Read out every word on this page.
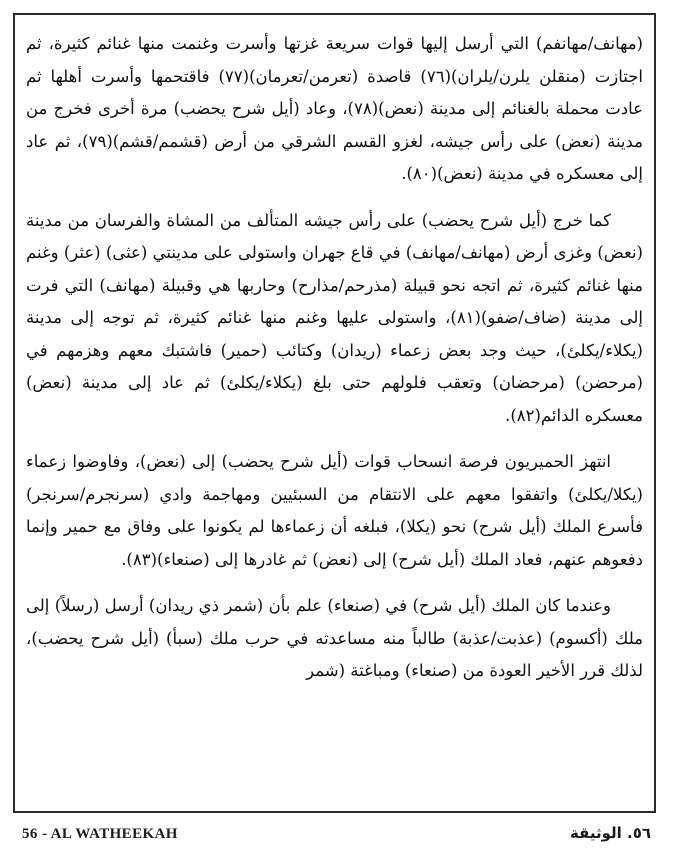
(مهانف/مهانفم) التي أرسل إليها قوات سريعة غزتها وأسرت وغنمت منها غنائم كثيرة، ثم اجتازت (منقلن يلرن/يلران)(٧٦) قاصدة (تعرمن/تعرمان)(٧٧) فاقتحمها وأسرت أهلها ثم عادت محملة بالغنائم إلى مدينة (نعض)(٧٨)، وعاد (أيل شرح يحضب) مرة أخرى فخرج من مدينة (نعض) على رأس جيشه، لغزو القسم الشرقي من أرض (قشمم/قشم)(٧٩)، ثم عاد إلى معسكره في مدينة (نعض)(٨٠).

كما خرج (أيل شرح يحضب) على رأس جيشه المتألف من المشاة والفرسان من مدينة (نعض) وغزى أرض (مهانف/مهانف) في قاع جهران واستولى على مدينتي (عثى) (عثر) وغنم منها غنائم كثيرة، ثم اتجه نحو قبيلة (مذرحم/مذارح) وحاربها هي وقبيلة (مهانف) التي فرت إلى مدينة (ضاف/ضفو)(٨١)، واستولى عليها وغنم منها غنائم كثيرة، ثم توجه إلى مدينة (يكلاء/يكلئ)، حيث وجد بعض زعماء (ريدان) وكتائب (حمير) فاشتبك معهم وهزمهم في (مرحضن) (مرحضان) وتعقب فلولهم حتى بلغ (يكلاء/يكلئ) ثم عاد إلى مدينة (نعض) معسكره الدائم(٨٢).

انتهز الحميريون فرصة انسحاب قوات (أيل شرح يحضب) إلى (نعض)، وفاوضوا زعماء (يكلا/يكلئ) واتفقوا معهم على الانتقام من السبئيين ومهاجمة وادي (سرنجرم/سرنجر) فأسرع الملك (أيل شرح) نحو (يكلا)، فبلغه أن زعماءها لم يكونوا على وفاق مع حمير وإنما دفعوهم عنهم، فعاد الملك (أيل شرح) إلى (نعض) ثم غادرها إلى (صنعاء)(٨٣).

وعندما كان الملك (أيل شرح) في (صنعاء) علم بأن (شمر ذي ريدان) أرسل (رسلاً) إلى ملك (أكسوم) (عذبت/عذبة) طالباً منه مساعدته في حرب ملك (سبأ) (أيل شرح يحضب)، لذلك قرر الأخير العودة من (صنعاء) ومباغتة (شمر

56 - AL WATHEEKAH	٥٦. الوثيقة
